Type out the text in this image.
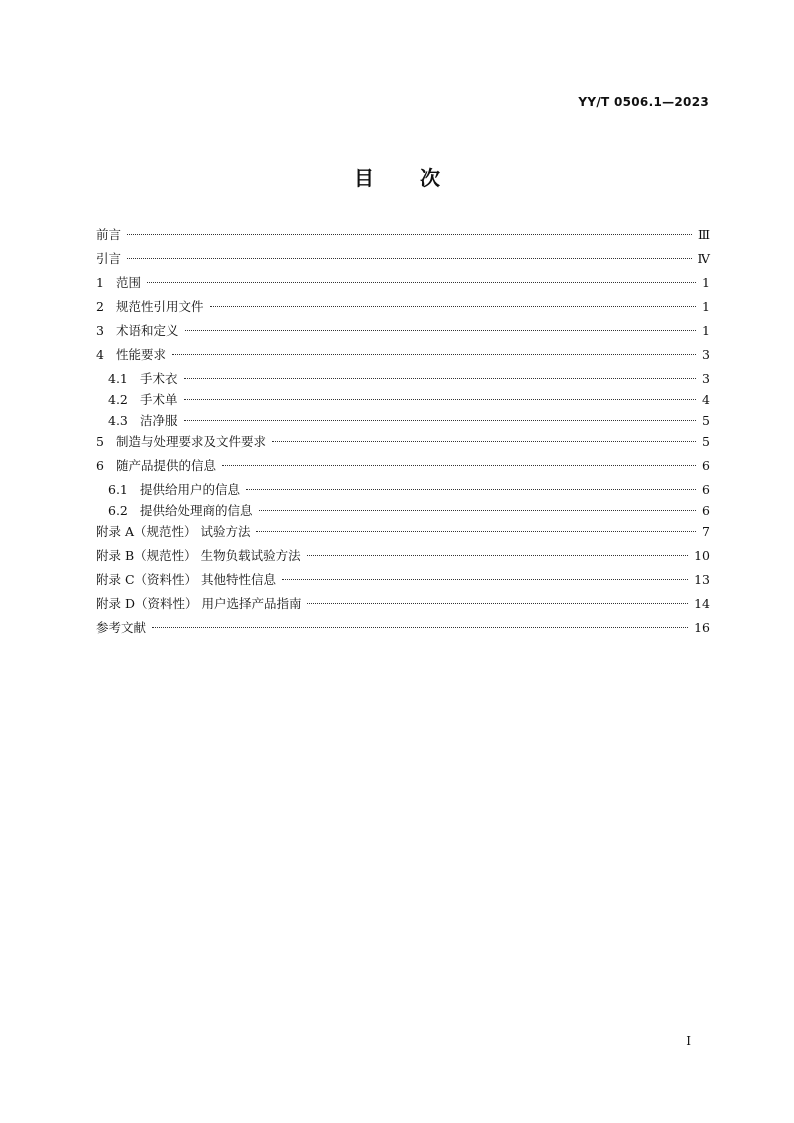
YY/T 0506.1—2023
目 次
前言	Ⅲ
引言	Ⅳ
1 范围	1
2 规范性引用文件	1
3 术语和定义	1
4 性能要求	3
4.1 手术衣	3
4.2 手术单	4
4.3 洁净服	5
5 制造与处理要求及文件要求	5
6 随产品提供的信息	6
6.1 提供给用户的信息	6
6.2 提供给处理商的信息	6
附录 A（规范性） 试验方法	7
附录 B（规范性） 生物负载试验方法	10
附录 C（资料性） 其他特性信息	13
附录 D（资料性） 用户选择产品指南	14
参考文献	16
I
